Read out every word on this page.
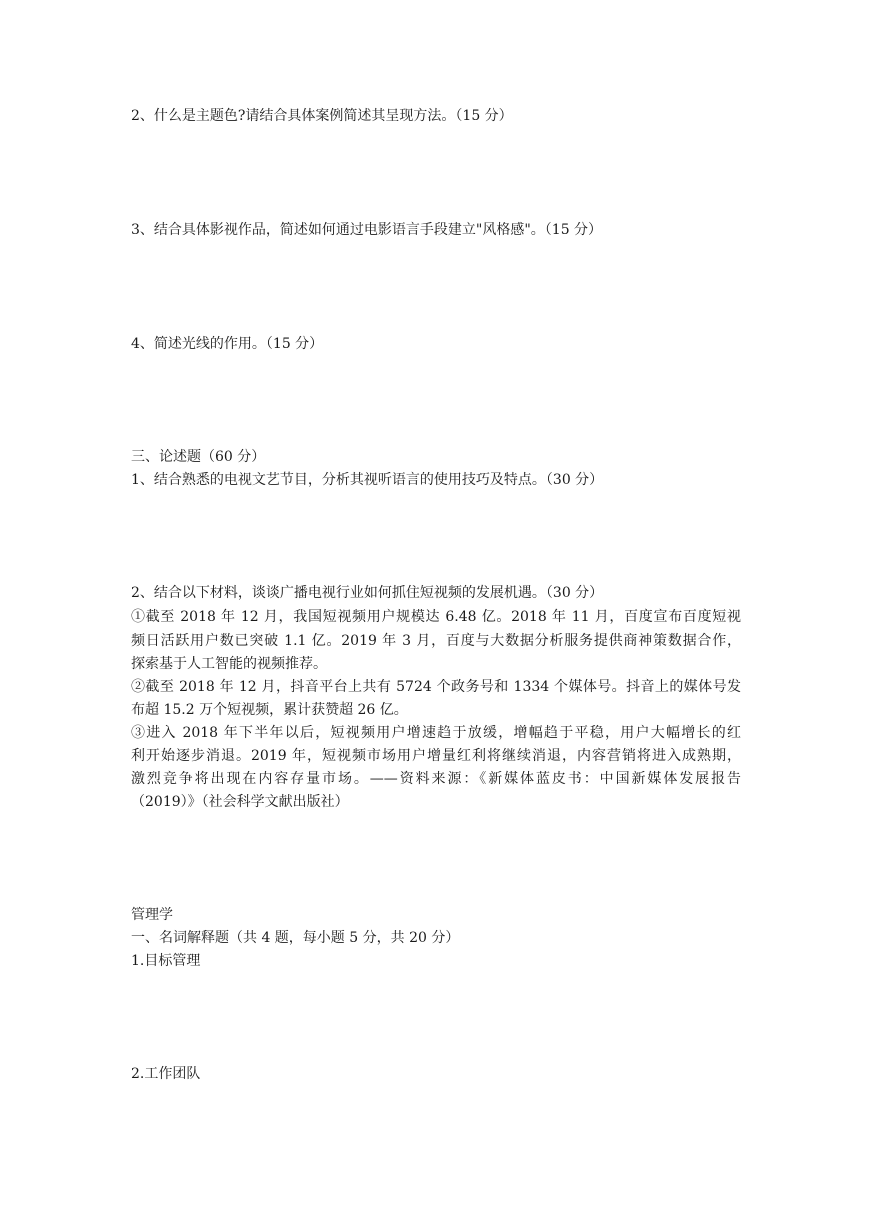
2、什么是主题色?请结合具体案例简述其呈现方法。（15 分）
3、结合具体影视作品，简述如何通过电影语言手段建立"风格感"。（15 分）
4、简述光线的作用。（15 分）
三、论述题（60 分）
1、结合熟悉的电视文艺节目，分析其视听语言的使用技巧及特点。（30 分）
2、结合以下材料，谈谈广播电视行业如何抓住短视频的发展机遇。（30 分）
①截至 2018 年 12 月，我国短视频用户规模达 6.48 亿。2018 年 11 月，百度宣布百度短视
频日活跃用户数已突破 1.1 亿。2019 年 3 月，百度与大数据分析服务提供商神策数据合作，
探索基于人工智能的视频推荐。
②截至 2018 年 12 月，抖音平台上共有 5724 个政务号和 1334 个媒体号。抖音上的媒体号发
布超 15.2 万个短视频，累计获赞超 26 亿。
③进入 2018 年下半年以后，短视频用户增速趋于放缓，增幅趋于平稳，用户大幅增长的红
利开始逐步消退。2019 年，短视频市场用户增量红利将继续消退，内容营销将进入成熟期，
激烈竞争将出现在内容存量市场。——资料来源：《新媒体蓝皮书：中国新媒体发展报告
（2019）》（社会科学文献出版社）
管理学
一、名词解释题（共 4 题，每小题 5 分，共 20 分）
1.目标管理
2.工作团队
